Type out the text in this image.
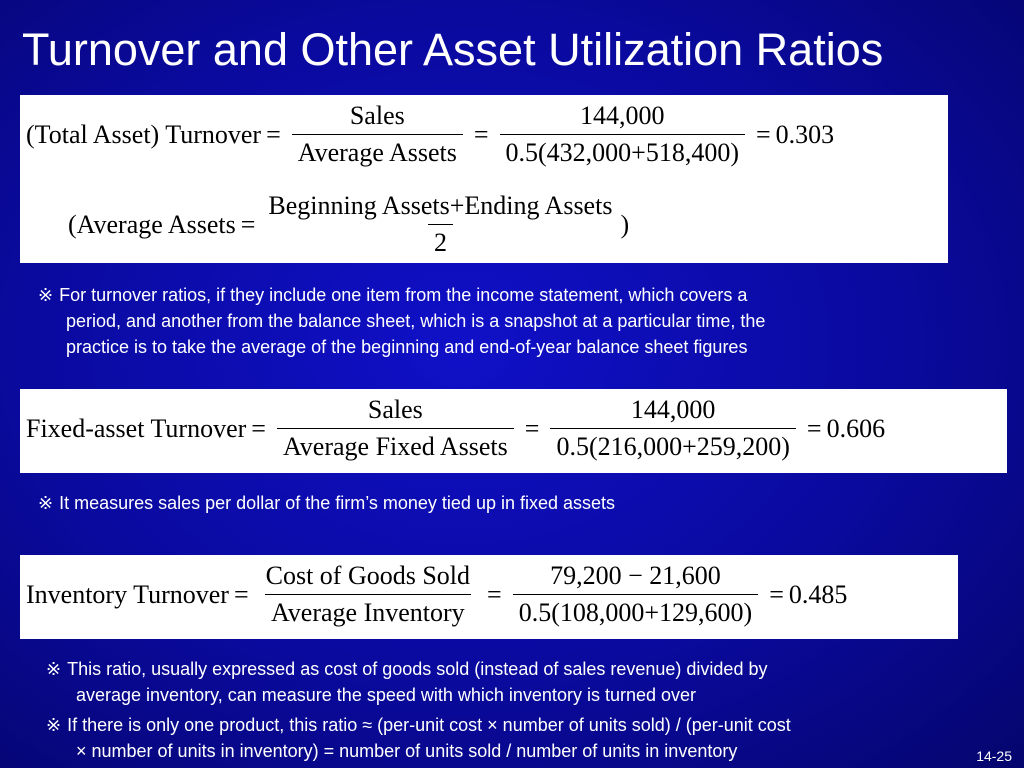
Turnover and Other Asset Utilization Ratios
(Total Asset) Turnover = $\frac{\text{Sales}}{\text{Average Assets}} = \frac{144,000}{0.5(432,000+518,400)} = 0.303$
(Average Assets = $\frac{\text{Beginning Assets+Ending Assets}}{2}$ )
※ For turnover ratios, if they include one item from the income statement, which covers a
period, and another from the balance sheet, which is a snapshot at a particular time, the
practice is to take the average of the beginning and end-of-year balance sheet figures
Fixed-asset Turnover = $\frac{\text{Sales}}{\text{Average Fixed Assets}} = \frac{144,000}{0.5(216,000+259,200)} = 0.606$
※ It measures sales per dollar of the firm’s money tied up in fixed assets
Inventory Turnover = $\frac{\text{Cost of Goods Sold}}{\text{Average Inventory}} = \frac{79,200 - 21,600}{0.5(108,000+129,600)} = 0.485$
※ This ratio, usually expressed as cost of goods sold (instead of sales revenue) divided by
average inventory, can measure the speed with which inventory is turned over
※ If there is only one product, this ratio ≈ (per-unit cost × number of units sold) / (per-unit cost
× number of units in inventory) = number of units sold / number of units in inventory	14-25
